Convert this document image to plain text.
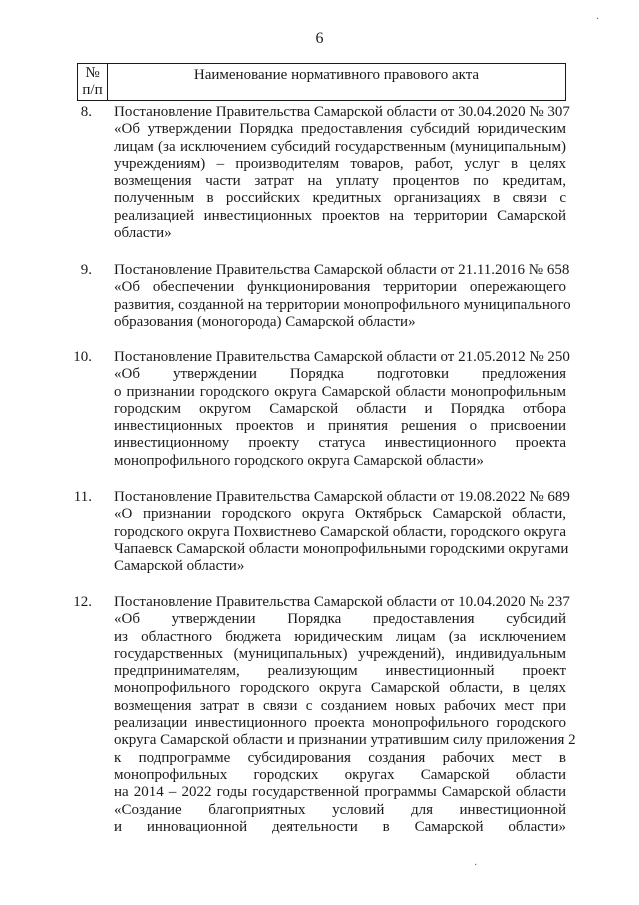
6
№
п/п
Наименование нормативного правового акта
8. Постановление Правительства Самарской области от 30.04.2020 № 307
«Об утверждении Порядка предоставления субсидий юридическим
лицам (за исключением субсидий государственным (муниципальным)
учреждениям) – производителям товаров, работ, услуг в целях
возмещения части затрат на уплату процентов по кредитам,
полученным в российских кредитных организациях в связи с
реализацией инвестиционных проектов на территории Самарской
области»
9. Постановление Правительства Самарской области от 21.11.2016 № 658
«Об обеспечении функционирования территории опережающего
развития, созданной на территории монопрофильного муниципального
образования (моногорода) Самарской области»
10. Постановление Правительства Самарской области от 21.05.2012 № 250
«Об утверждении Порядка подготовки предложения
о признании городского округа Самарской области монопрофильным
городским округом Самарской области и Порядка отбора
инвестиционных проектов и принятия решения о присвоении
инвестиционному проекту статуса инвестиционного проекта
монопрофильного городского округа Самарской области»
11. Постановление Правительства Самарской области от 19.08.2022 № 689
«О признании городского округа Октябрьск Самарской области,
городского округа Похвистнево Самарской области, городского округа
Чапаевск Самарской области монопрофильными городскими округами
Самарской области»
12. Постановление Правительства Самарской области от 10.04.2020 № 237
«Об утверждении Порядка предоставления субсидий
из областного бюджета юридическим лицам (за исключением
государственных (муниципальных) учреждений), индивидуальным
предпринимателям, реализующим инвестиционный проект
монопрофильного городского округа Самарской области, в целях
возмещения затрат в связи с созданием новых рабочих мест при
реализации инвестиционного проекта монопрофильного городского
округа Самарской области и признании утратившим силу приложения 2
к подпрограмме субсидирования создания рабочих мест в
монопрофильных городских округах Самарской области
на 2014 – 2022 годы государственной программы Самарской области
«Создание благоприятных условий для инвестиционной
и инновационной деятельности в Самарской области»
·
·
